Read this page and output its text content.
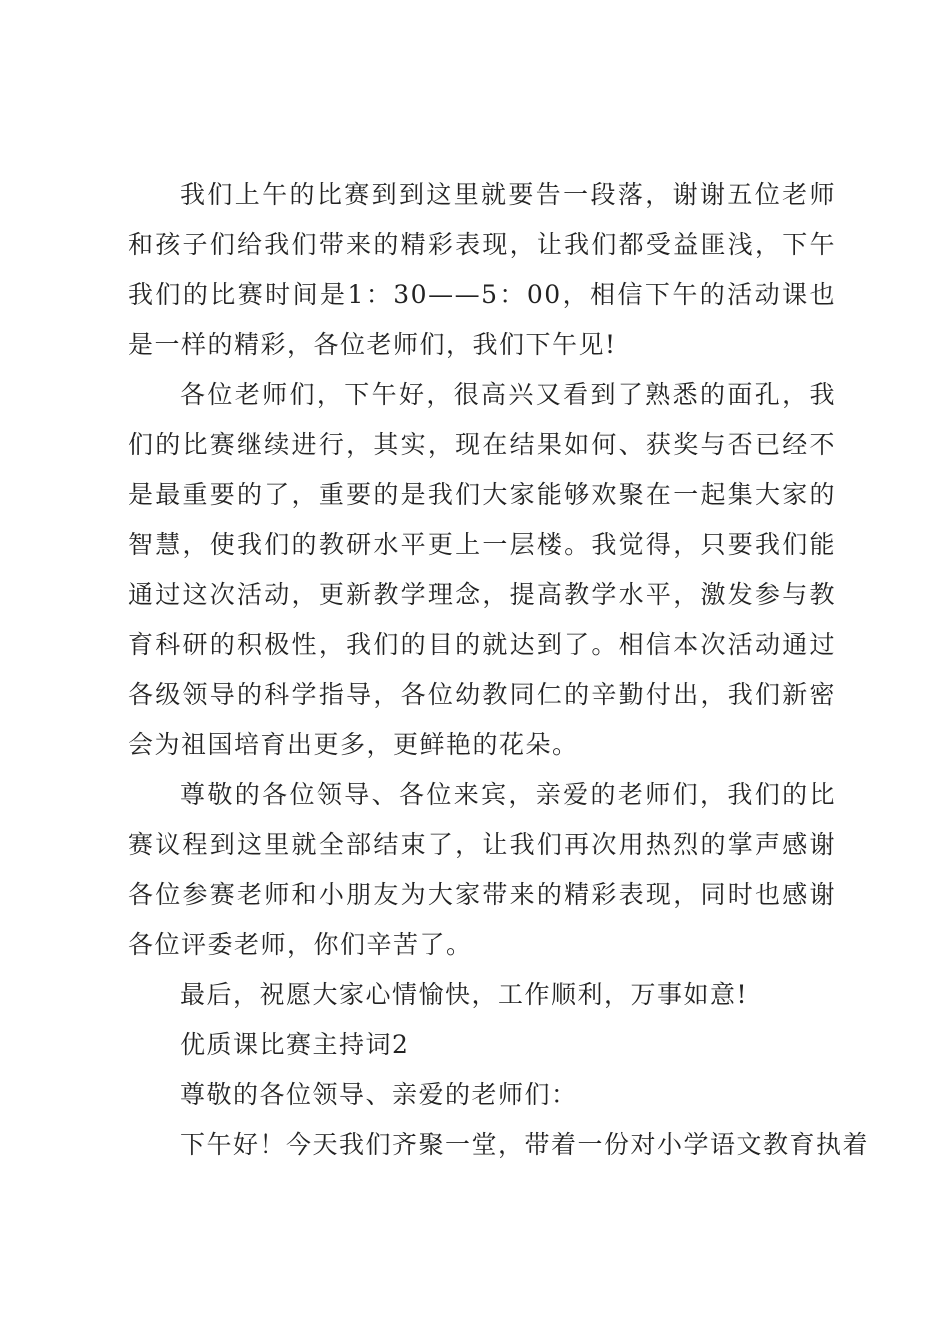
我们上午的比赛到到这里就要告一段落，谢谢五位老师和孩子们给我们带来的精彩表现，让我们都受益匪浅，下午我们的比赛时间是1：30——5：00，相信下午的活动课也是一样的精彩，各位老师们，我们下午见!

各位老师们，下午好，很高兴又看到了熟悉的面孔，我们的比赛继续进行，其实，现在结果如何、获奖与否已经不是最重要的了，重要的是我们大家能够欢聚在一起集大家的智慧，使我们的教研水平更上一层楼。我觉得，只要我们能通过这次活动，更新教学理念，提高教学水平，激发参与教育科研的积极性，我们的目的就达到了。相信本次活动通过各级领导的科学指导，各位幼教同仁的辛勤付出，我们新密会为祖国培育出更多，更鲜艳的花朵。

尊敬的各位领导、各位来宾，亲爱的老师们，我们的比赛议程到这里就全部结束了，让我们再次用热烈的掌声感谢各位参赛老师和小朋友为大家带来的精彩表现，同时也感谢各位评委老师，你们辛苦了。

最后，祝愿大家心情愉快，工作顺利，万事如意!

优质课比赛主持词2

尊敬的各位领导、亲爱的老师们：

下午好！今天我们齐聚一堂，带着一份对小学语文教育执着
